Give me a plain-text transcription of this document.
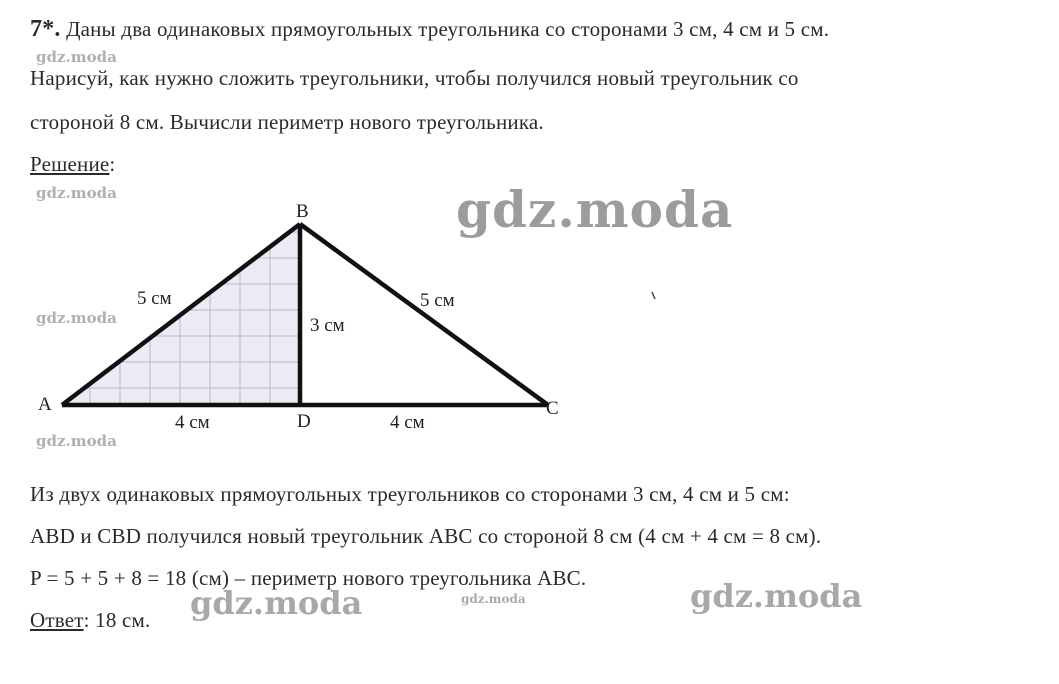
7*. Даны два одинаковых прямоугольных треугольника со сторонами 3 см, 4 см и 5 см.
Нарисуй, как нужно сложить треугольники, чтобы получился новый треугольник со
стороной 8 см. Вычисли периметр нового треугольника.
Решение:
B
A	C
D
5 см
3 см
5 см
4 см	4 см
Из двух одинаковых прямоугольных треугольников со сторонами 3 см, 4 см и 5 см:
ABD и CBD получился новый треугольник ABC со стороной 8 см (4 см + 4 см = 8 см).
P = 5 + 5 + 8 = 18 (см) – периметр нового треугольника ABC.
Ответ: 18 см.
gdz.moda
gdz.moda
gdz.moda
gdz.moda
gdz.moda
gdz.moda	gdz.moda	gdz.moda
